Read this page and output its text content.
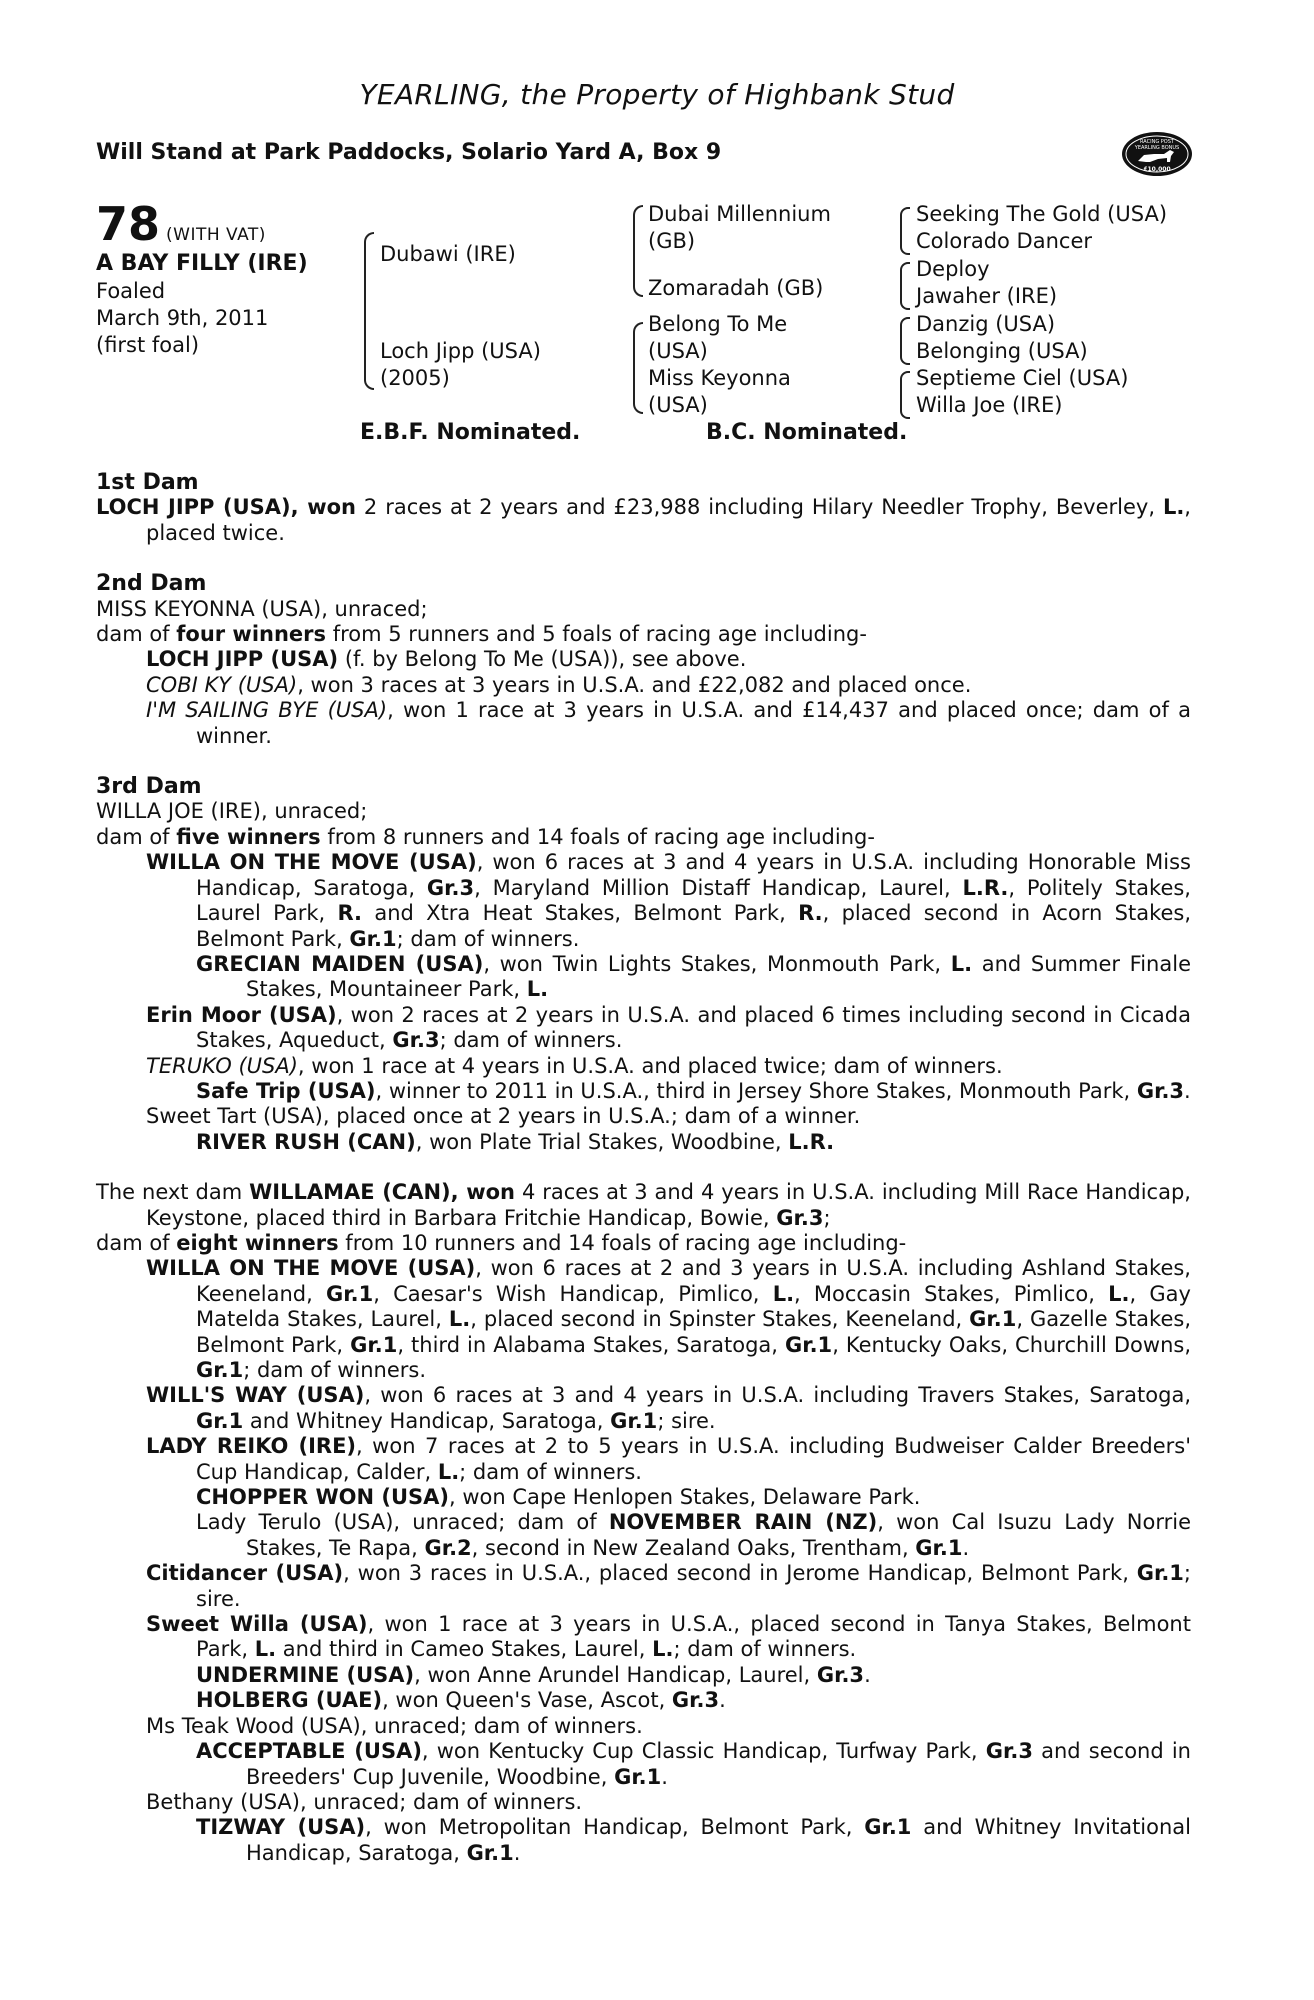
YEARLING, the Property of Highbank Stud
Will Stand at Park Paddocks, Solario Yard A, Box 9	RACING POST
YEARLING BONUS
£10,000
78 (WITH VAT)
A BAY FILLY (IRE)
Foaled
March 9th, 2011
(first foal)
Dubawi (IRE)
Loch Jipp (USA)
(2005)
Dubai Millennium
(GB)
Zomaradah (GB)
Belong To Me
(USA)
Miss Keyonna
(USA)
Seeking The Gold (USA)
Colorado Dancer
Deploy
Jawaher (IRE)
Danzig (USA)
Belonging (USA)
Septieme Ciel (USA)
Willa Joe (IRE)
E.B.F. Nominated.	B.C. Nominated.
1st Dam
LOCH JIPP (USA), won 2 races at 2 years and £23,988 including Hilary Needler Trophy, Beverley, L., placed twice.
2nd Dam
MISS KEYONNA (USA), unraced;
dam of four winners from 5 runners and 5 foals of racing age including-
LOCH JIPP (USA) (f. by Belong To Me (USA)), see above.
COBI KY (USA), won 3 races at 3 years in U.S.A. and £22,082 and placed once.
I'M SAILING BYE (USA), won 1 race at 3 years in U.S.A. and £14,437 and placed once; dam of a winner.
3rd Dam
WILLA JOE (IRE), unraced;
dam of five winners from 8 runners and 14 foals of racing age including-
WILLA ON THE MOVE (USA), won 6 races at 3 and 4 years in U.S.A. including Honorable Miss Handicap, Saratoga, Gr.3, Maryland Million Distaff Handicap, Laurel, L.R., Politely Stakes, Laurel Park, R. and Xtra Heat Stakes, Belmont Park, R., placed second in Acorn Stakes, Belmont Park, Gr.1; dam of winners.
GRECIAN MAIDEN (USA), won Twin Lights Stakes, Monmouth Park, L. and Summer Finale Stakes, Mountaineer Park, L.
Erin Moor (USA), won 2 races at 2 years in U.S.A. and placed 6 times including second in Cicada Stakes, Aqueduct, Gr.3; dam of winners.
TERUKO (USA), won 1 race at 4 years in U.S.A. and placed twice; dam of winners.
Safe Trip (USA), winner to 2011 in U.S.A., third in Jersey Shore Stakes, Monmouth Park, Gr.3.
Sweet Tart (USA), placed once at 2 years in U.S.A.; dam of a winner.
RIVER RUSH (CAN), won Plate Trial Stakes, Woodbine, L.R.
The next dam WILLAMAE (CAN), won 4 races at 3 and 4 years in U.S.A. including Mill Race Handicap, Keystone, placed third in Barbara Fritchie Handicap, Bowie, Gr.3;
dam of eight winners from 10 runners and 14 foals of racing age including-
WILLA ON THE MOVE (USA), won 6 races at 2 and 3 years in U.S.A. including Ashland Stakes, Keeneland, Gr.1, Caesar's Wish Handicap, Pimlico, L., Moccasin Stakes, Pimlico, L., Gay Matelda Stakes, Laurel, L., placed second in Spinster Stakes, Keeneland, Gr.1, Gazelle Stakes, Belmont Park, Gr.1, third in Alabama Stakes, Saratoga, Gr.1, Kentucky Oaks, Churchill Downs, Gr.1; dam of winners.
WILL'S WAY (USA), won 6 races at 3 and 4 years in U.S.A. including Travers Stakes, Saratoga, Gr.1 and Whitney Handicap, Saratoga, Gr.1; sire.
LADY REIKO (IRE), won 7 races at 2 to 5 years in U.S.A. including Budweiser Calder Breeders' Cup Handicap, Calder, L.; dam of winners.
CHOPPER WON (USA), won Cape Henlopen Stakes, Delaware Park.
Lady Terulo (USA), unraced; dam of NOVEMBER RAIN (NZ), won Cal Isuzu Lady Norrie Stakes, Te Rapa, Gr.2, second in New Zealand Oaks, Trentham, Gr.1.
Citidancer (USA), won 3 races in U.S.A., placed second in Jerome Handicap, Belmont Park, Gr.1; sire.
Sweet Willa (USA), won 1 race at 3 years in U.S.A., placed second in Tanya Stakes, Belmont Park, L. and third in Cameo Stakes, Laurel, L.; dam of winners.
UNDERMINE (USA), won Anne Arundel Handicap, Laurel, Gr.3.
HOLBERG (UAE), won Queen's Vase, Ascot, Gr.3.
Ms Teak Wood (USA), unraced; dam of winners.
ACCEPTABLE (USA), won Kentucky Cup Classic Handicap, Turfway Park, Gr.3 and second in Breeders' Cup Juvenile, Woodbine, Gr.1.
Bethany (USA), unraced; dam of winners.
TIZWAY (USA), won Metropolitan Handicap, Belmont Park, Gr.1 and Whitney Invitational Handicap, Saratoga, Gr.1.
